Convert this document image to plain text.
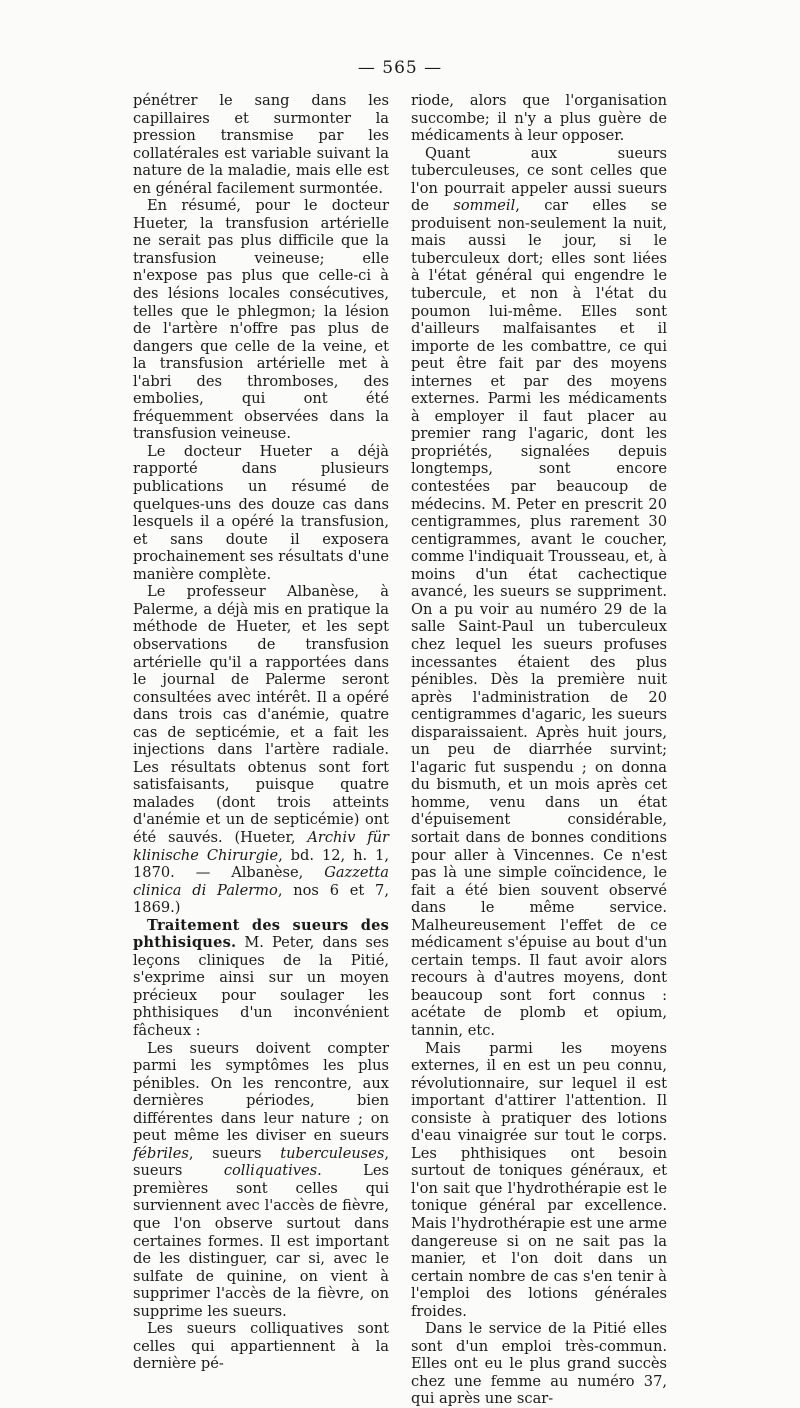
— 565 —

pénétrer le sang dans les capillaires et surmonter la pression transmise par les collatérales est variable suivant la nature de la maladie, mais elle est en général facilement surmontée.

En résumé, pour le docteur Hueter, la transfusion artérielle ne serait pas plus difficile que la transfusion veineuse; elle n'expose pas plus que celle-ci à des lésions locales consécutives, telles que le phlegmon; la lésion de l'artère n'offre pas plus de dangers que celle de la veine, et la transfusion artérielle met à l'abri des thromboses, des embolies, qui ont été fréquemment observées dans la transfusion veineuse.

Le docteur Hueter a déjà rapporté dans plusieurs publications un résumé de quelques-uns des douze cas dans lesquels il a opéré la transfusion, et sans doute il exposera prochainement ses résultats d'une manière complète.

Le professeur Albanèse, à Palerme, a déjà mis en pratique la méthode de Hueter, et les sept observations de transfusion artérielle qu'il a rapportées dans le journal de Palerme seront consultées avec intérêt. Il a opéré dans trois cas d'anémie, quatre cas de septicémie, et a fait les injections dans l'artère radiale. Les résultats obtenus sont fort satisfaisants, puisque quatre malades (dont trois atteints d'anémie et un de septicémie) ont été sauvés. (Hueter, Archiv für klinische Chirurgie, bd. 12, h. 1, 1870. — Albanèse, Gazzetta clinica di Palermo, nos 6 et 7, 1869.)

Traitement des sueurs des phthisiques. M. Peter, dans ses leçons cliniques de la Pitié, s'exprime ainsi sur un moyen précieux pour soulager les phthisiques d'un inconvénient fâcheux :

Les sueurs doivent compter parmi les symptômes les plus pénibles. On les rencontre, aux dernières périodes, bien différentes dans leur nature ; on peut même les diviser en sueurs fébriles, sueurs tuberculeuses, sueurs colliquatives. Les premières sont celles qui surviennent avec l'accès de fièvre, que l'on observe surtout dans certaines formes. Il est important de les distinguer, car si, avec le sulfate de quinine, on vient à supprimer l'accès de la fièvre, on supprime les sueurs.

Les sueurs colliquatives sont celles qui appartiennent à la dernière pé-

riode, alors que l'organisation succombe; il n'y a plus guère de médicaments à leur opposer.

Quant aux sueurs tuberculeuses, ce sont celles que l'on pourrait appeler aussi sueurs de sommeil, car elles se produisent non-seulement la nuit, mais aussi le jour, si le tuberculeux dort; elles sont liées à l'état général qui engendre le tubercule, et non à l'état du poumon lui-même. Elles sont d'ailleurs malfaisantes et il importe de les combattre, ce qui peut être fait par des moyens internes et par des moyens externes. Parmi les médicaments à employer il faut placer au premier rang l'agaric, dont les propriétés, signalées depuis longtemps, sont encore contestées par beaucoup de médecins. M. Peter en prescrit 20 centigrammes, plus rarement 30 centigrammes, avant le coucher, comme l'indiquait Trousseau, et, à moins d'un état cachectique avancé, les sueurs se suppriment. On a pu voir au numéro 29 de la salle Saint-Paul un tuberculeux chez lequel les sueurs profuses incessantes étaient des plus pénibles. Dès la première nuit après l'administration de 20 centigrammes d'agaric, les sueurs disparaissaient. Après huit jours, un peu de diarrhée survint; l'agaric fut suspendu ; on donna du bismuth, et un mois après cet homme, venu dans un état d'épuisement considérable, sortait dans de bonnes conditions pour aller à Vincennes. Ce n'est pas là une simple coïncidence, le fait a été bien souvent observé dans le même service. Malheureusement l'effet de ce médicament s'épuise au bout d'un certain temps. Il faut avoir alors recours à d'autres moyens, dont beaucoup sont fort connus : acétate de plomb et opium, tannin, etc.

Mais parmi les moyens externes, il en est un peu connu, révolutionnaire, sur lequel il est important d'attirer l'attention. Il consiste à pratiquer des lotions d'eau vinaigrée sur tout le corps. Les phthisiques ont besoin surtout de toniques généraux, et l'on sait que l'hydrothérapie est le tonique général par excellence. Mais l'hydrothérapie est une arme dangereuse si on ne sait pas la manier, et l'on doit dans un certain nombre de cas s'en tenir à l'emploi des lotions générales froides.

Dans le service de la Pitié elles sont d'un emploi très-commun. Elles ont eu le plus grand succès chez une femme au numéro 37, qui après une scar-
